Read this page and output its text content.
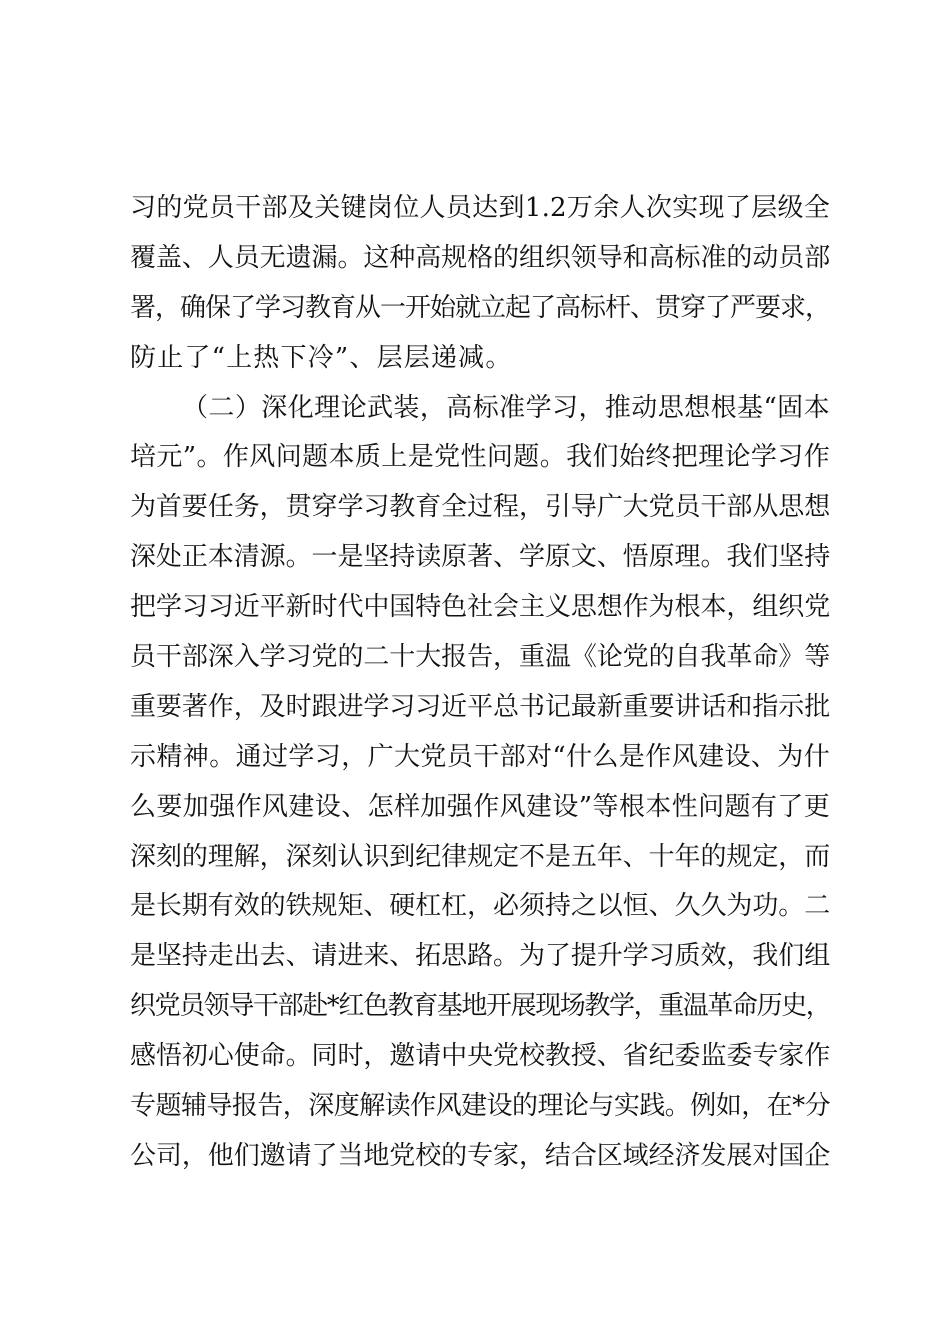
习的党员干部及关键岗位人员达到1.2万余人次实现了层级全
覆盖、人员无遗漏。这种高规格的组织领导和高标准的动员部
署，确保了学习教育从一开始就立起了高标杆、贯穿了严要求，
防止了“上热下冷”、层层递减。
（二）深化理论武装，高标准学习，推动思想根基“固本
培元”。作风问题本质上是党性问题。我们始终把理论学习作
为首要任务，贯穿学习教育全过程，引导广大党员干部从思想
深处正本清源。一是坚持读原著、学原文、悟原理。我们坚持
把学习习近平新时代中国特色社会主义思想作为根本，组织党
员干部深入学习党的二十大报告，重温《论党的自我革命》等
重要著作，及时跟进学习习近平总书记最新重要讲话和指示批
示精神。通过学习，广大党员干部对“什么是作风建设、为什
么要加强作风建设、怎样加强作风建设”等根本性问题有了更
深刻的理解，深刻认识到纪律规定不是五年、十年的规定，而
是长期有效的铁规矩、硬杠杠，必须持之以恒、久久为功。二
是坚持走出去、请进来、拓思路。为了提升学习质效，我们组
织党员领导干部赴*红色教育基地开展现场教学，重温革命历史，
感悟初心使命。同时，邀请中央党校教授、省纪委监委专家作
专题辅导报告，深度解读作风建设的理论与实践。例如，在*分
公司，他们邀请了当地党校的专家，结合区域经济发展对国企
